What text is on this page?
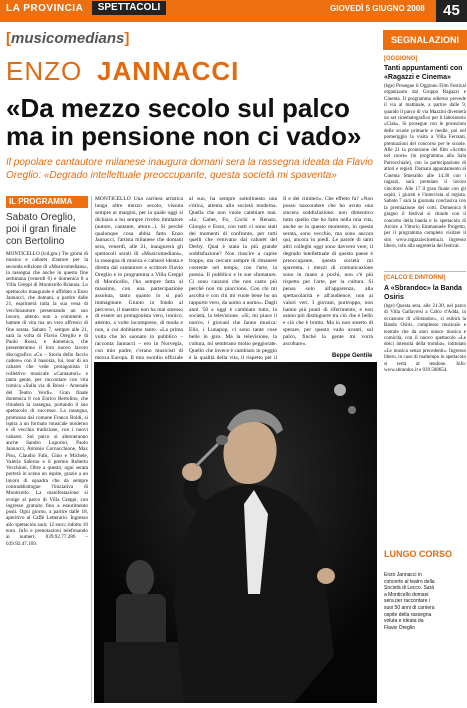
LA PROVINCIA	SPETTACOLI	GIOVEDÌ 5 GIUGNO 2008	45
[musicomedians]
ENZO JANNACCI
«Da mezzo secolo sul palco ma in pensione non ci vado»
Il popolare cantautore milanese inaugura domani sera la rassegna ideata da Flavio Oreglio: «Degrado intellettuale preoccupante, questa società mi spaventa»
IL PROGRAMMA
Sabato Oreglio, poi il gran finale con Bertolino
MONTICELLO (lcd.gm.) Tre giorni di musica e cabaret d'autore per la seconda edizione di «Musicomedians», la rassegna che anche in questo fine settimana (venerdì 6) e domenica 8 a Villa Greppi di Monticello Brianza. Lo spettacolo inaugurale è affidato a Enzo Jannacci, che domani, a partire dalle 21, esprimerà tutta la sua vena di vecchioautore presentando un suo lavoro, attento non a commenti e battute di vita ma un vero affresco di fine serata. Sabato 7, sempre alle 21, sarà la volta di Flavio Oreglio e di Paolo Rossi, e domenica, che presenteranno il loro nuovo lavoro discografico «Cu – Storia dello faccio cadere» con il bassista, lui, tour di un cabaret che vede protagonista il collettivo musicale «Cantautori» e tanta gente, per raccontare con vita comica «Sulla via di Rossi - Arsenale del Teatro Verdi». Gran finale domenica 8 con Enrico Bertolino, che chiuderà la rassegna, portando il suo spettacolo di successo. La rassegna, promossa dal comune Franco Boldi, si ispira a un formato musicale moderno e di vecchia tradizione, con i nuovi cabaret. Sul palco si alterneranno anche Sandro Luporini, Paolo Jannacci, Antonio Cornacchione, Max Pisu, Claudio Fabi, Gino e Michele, Valeria Salerno e il premio Roberto Vecchioni. Oltre a questo, ogni serata porterà in scena un ospite, grazie a un lavoro di squadra che da sempre contraddistingue l'iniziativa di Monticello. La manifestazione si svolge al parco di Villa Greppi, con ingresso gratuito fino a esaurimento posti. Ogni giorno, a partire dalle 18, aperitivo al Caffè Letterario. Ingresso allo spettacolo sarà: 12 euro; ridotto 10 euro. Info e prenotazioni telefonando ai numeri: 039.92.77.286 – 039.92.47.169.
MONTICELLO Una carriera artistica lunga oltre mezzo secolo, vissuta sempre ai margini, per la quale oggi si dichiara a lui sempre rivolto limitatore (autore, cantante, attore...). Si perché qualunque cosa abbia fatto Enzo Jannacci, l'artista milanese che domani sera, venerdì, alle 21, inaugurerà gli spettacoli serali di «Musicomedians», la rassegna di musica e cabaret ideata e diretta dal cantautore e scrittore Flavio Oreglio e in programma a Villa Greppi di Monticello, l'ha sempre fatta al massimo, con una partecipazione assoluta, tanto quanto lo si può immaginare. Giunto in fondo al percorso, il maestro non ha mai smesso di essere un protagonista vero, ironico, attento, a volte incompreso, di moda e non, a cui dobbiamo tanto. «La prima volta che ho suonato in pubblico – racconta Jannacci – ero in Norvegia, con mio padre, c'erano musicisti di mezza Europa. Il mio esordio ufficiale
al suo, ha sempre sottolineato una critica, attenta alla società moderna. Quella che non vuole cambiare mai. «Io, Gaber, Fo, Cochi e Renato, Giorgio e Enzo, con tutti ci sono stati dei momenti di confronto, per tutti quelli che venivano dal cabaret del Derby. Qual è stata la più grande soddisfazione? Non riuscire a capire troppo, ma cercare sempre di rimanere coerente nel tempo, con l'arte, la poesia. Il pubblico e le sue sfumature. Ci sono canzoni che non canto più perché non mi piacciono. Con chi mi ascolta e con chi mi vuole bene ho un rapporto vero, da uomo a uomo». Dagli anni '50 a oggi è cambiato tutto, la società, la televisione. «Sì, mi piace il nuovo, i giovani che fanno musica: Elio, i Lunapop, ci sono tante cose belle in giro. Ma la televisione, la cultura, mi sembrano molto peggiorate. Quello che invece è cambiato in peggio è la qualità della vita, il rispetto per il
Il e dei cimiteri». Che effetto fa? «Non posso nascondere che ho avuto una sincera soddisfazione: non dimentico tutto quello che ho fatto nella mia vita, anche se in questo momento, in questa serata, sono vecchio, ma sono ancora qui, ancora in piedi. Le parole di tanti altri colleghi oggi sono davvero vere, il degrado intellettuale di questo paese è preoccupante, questa società mi spaventa, i mezzi di comunicazione sono in mano a pochi, non c'è più rispetto per l'arte, per la cultura. Si pensa solo all'apparenza, alla spettacolarità e all'audience, non ai valori veri. I giovani, purtroppo, non hanno più punti di riferimento, e non sanno più distinguere tra ciò che è bello e ciò che è brutto. Ma io non smetto di sperare, per questo vado avanti, sul palco, finché la gente mi vorrà ascoltare».
Beppe Gentile
SEGNALAZIONI
[OGGIONO]
Tanti appuntamenti con «Ragazzi e Cinema»
(bge) Prosegue il Oggiono Film Festival organizzato dal Gruppo Ragazzi e Cinema. Il programma odierno prevede il via al mattinale, a partire dalle 9, quando il parco di via Mazzini diventerà un set cinematografico per il laboratorio «Ciak». Si prosegue con le proiezioni delle scuole primarie e medie, poi nel pomeriggio la visita a Villa Ferranti, premiazioni del concorso per le scuole. Alle 21 la proiezione del film «Scritto nel cuore» (in programma alla Sala Parrocchiale), con la partecipazione di attori e registi. Domani appuntamento al Cinema Smeraldo alle 14.30 con i ragazzi, sarà premiato il lavoro vincitore. Alle 17 il gran finale con gli ospiti, i giurati e l'intervista al regista. Sabato 7 sarà la giornata conclusiva con la premiazione dei corti. Domenica 8 giugno il festival si chiude con il concerto della banda e lo spettacolo di Arcore a Vittorio Emmanuele Progetto, per il programma completo visitare il sito www.ragazziecinema.it. Ingresso libero, info alla segreteria del festival.
[CALCO E DINTORNI]
A «Sbrandoc» la Banda Osiris
(bge) Questa sera, alle 21.30, nel parco di Villa Gallavresi a Calco d'Adda, in occasione di «Sbrandoc», si esibirà la Banda Osiris, complesso musicale e teatrale che da anni unisce musica e comicità, con il nuovo spettacolo «Le dolci intensità della tromba», intitolato «Le musica senza precedenti». Ingresso libero, in caso di maltempo lo spettacolo si terrà al tendone. Info: www.sbrandoc.it e 039.508654.
LUNGO CORSO
Enzo Jannacci in concerto al teatro della Società di Lecco. Sarà a Monticello domani sera per raccontare i suoi 50 anni di carriera ospite della rassegna voluta e ideata da Flavio Oreglio
